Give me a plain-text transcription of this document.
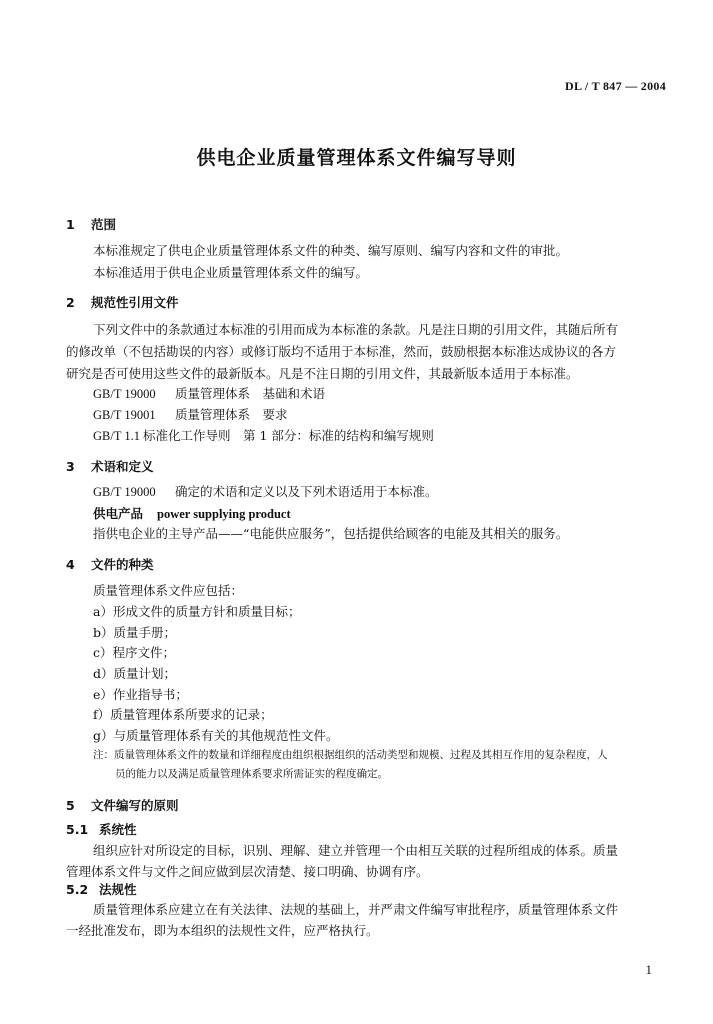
DL / T 847 — 2004
供电企业质量管理体系文件编写导则
1 范围
本标准规定了供电企业质量管理体系文件的种类、编写原则、编写内容和文件的审批。
本标准适用于供电企业质量管理体系文件的编写。
2 规范性引用文件
下列文件中的条款通过本标准的引用而成为本标准的条款。凡是注日期的引用文件，其随后所有
的修改单（不包括勘误的内容）或修订版均不适用于本标准，然而，鼓励根据本标准达成协议的各方
研究是否可使用这些文件的最新版本。凡是不注日期的引用文件，其最新版本适用于本标准。
GB/T 19000 质量管理体系　基础和术语
GB/T 19001 质量管理体系　要求
GB/T 1.1 标准化工作导则　第 1 部分：标准的结构和编写规则
3 术语和定义
GB/T 19000 确定的术语和定义以及下列术语适用于本标准。
供电产品 power supplying product
指供电企业的主导产品——“电能供应服务”，包括提供给顾客的电能及其相关的服务。
4 文件的种类
质量管理体系文件应包括：
a）形成文件的质量方针和质量目标；
b）质量手册；
c）程序文件；
d）质量计划；
e）作业指导书；
f）质量管理体系所要求的记录；
g）与质量管理体系有关的其他规范性文件。
注：质量管理体系文件的数量和详细程度由组织根据组织的活动类型和规模、过程及其相互作用的复杂程度，人
员的能力以及满足质量管理体系要求所需证实的程度确定。
5 文件编写的原则
5.1 系统性
组织应针对所设定的目标，识别、理解、建立并管理一个由相互关联的过程所组成的体系。质量
管理体系文件与文件之间应做到层次清楚、接口明确、协调有序。
5.2 法规性
质量管理体系应建立在有关法律、法规的基础上，并严肃文件编写审批程序，质量管理体系文件
一经批准发布，即为本组织的法规性文件，应严格执行。
1
